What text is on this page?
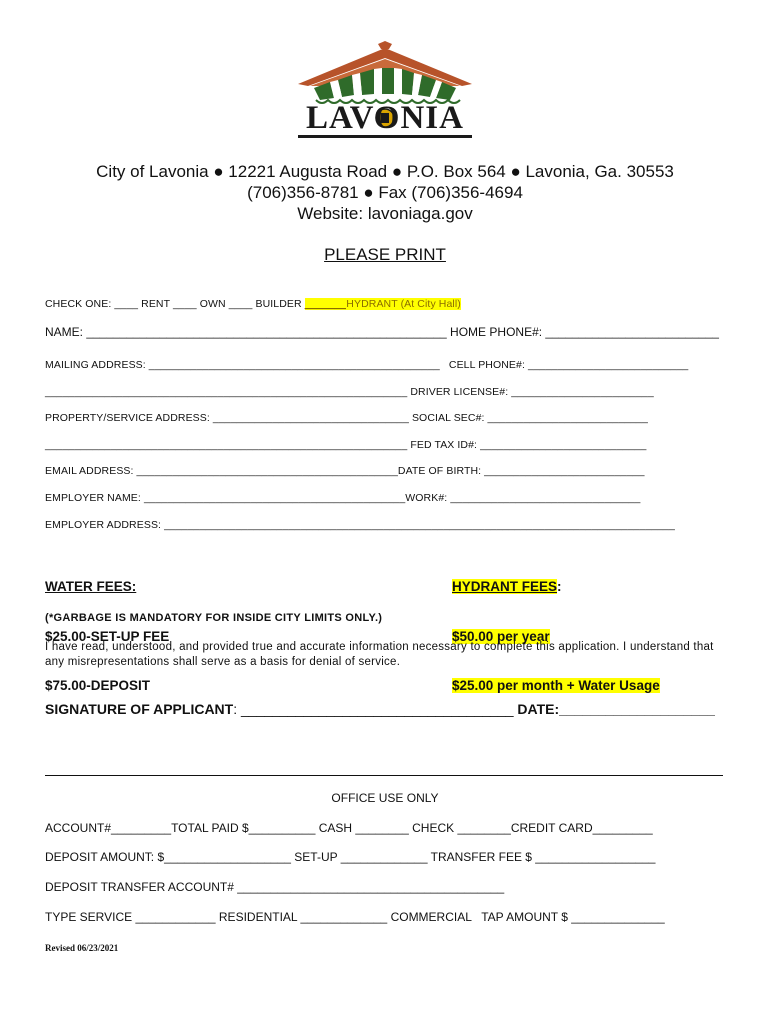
LAVONIA
City of Lavonia ● 12221 Augusta Road ● P.O. Box 564 ● Lavonia, Ga. 30553
(706)356-8781 ● Fax (706)356-4694
Website: lavoniaga.gov
PLEASE PRINT
CHECK ONE: ____ RENT ____ OWN ____ BUILDER _______HYDRANT (At City Hall)
NAME: ______________________________________________________ HOME PHONE#: __________________________
MAILING ADDRESS: _________________________________________________   CELL PHONE#: ___________________________
_____________________________________________________________ DRIVER LICENSE#: ________________________
PROPERTY/SERVICE ADDRESS: _________________________________ SOCIAL SEC#: ___________________________
_____________________________________________________________ FED TAX ID#: ____________________________
EMAIL ADDRESS: ____________________________________________DATE OF BIRTH: ___________________________
EMPLOYER NAME: ____________________________________________WORK#: ________________________________
EMPLOYER ADDRESS: ______________________________________________________________________________________

WATER FEES:

$25.00-SET-UP FEE

$75.00-DEPOSIT

HYDRANT FEES:

$50.00 per year

$25.00 per month + Water Usage

(*GARBAGE IS MANDATORY FOR INSIDE CITY LIMITS ONLY.)
I have read, understood, and provided true and accurate information necessary to complete this application. I understand that any misrepresentations shall serve as a basis for denial of service.
SIGNATURE OF APPLICANT: ___________________________________ DATE:____________________
OFFICE USE ONLY
ACCOUNT#_________TOTAL PAID $__________ CASH ________ CHECK ________CREDIT CARD_________
DEPOSIT AMOUNT: $___________________ SET-UP _____________ TRANSFER FEE $ __________________
DEPOSIT TRANSFER ACCOUNT# ________________________________________
TYPE SERVICE ____________ RESIDENTIAL _____________ COMMERCIAL   TAP AMOUNT $ ______________
Revised 06/23/2021
